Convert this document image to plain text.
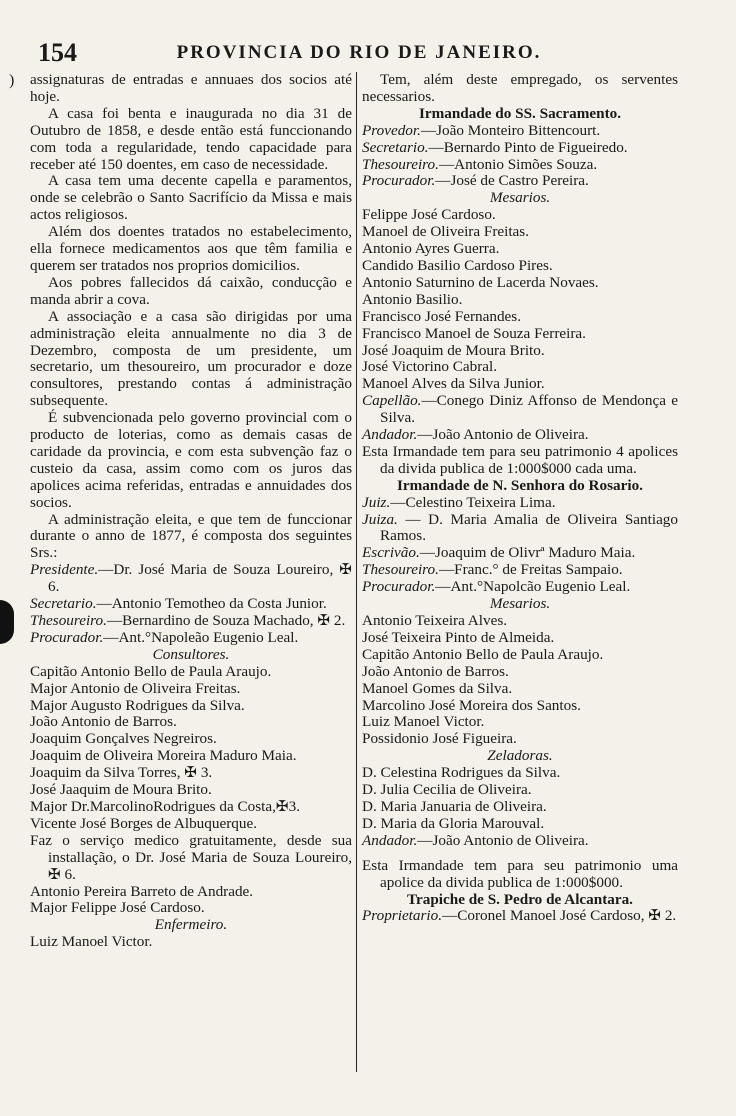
154	PROVINCIA DO RIO DE JANEIRO.
) assignaturas de entradas e annuaes dos socios até hoje.

A casa foi benta e inaugurada no dia 31 de Outubro de 1858, e desde então está funccionando com toda a regularidade, tendo capacidade para receber até 150 doentes, em caso de necessidade.

A casa tem uma decente capella e paramentos, onde se celebrão o Santo Sacrifício da Missa e mais actos religiosos.

Além dos doentes tratados no estabelecimento, ella fornece medicamentos aos que têm familia e querem ser tratados nos proprios domicilios.

Aos pobres fallecidos dá caixão, conducção e manda abrir a cova.

A associação e a casa são dirigidas por uma administração eleita annualmente no dia 3 de Dezembro, composta de um presidente, um secretario, um thesoureiro, um procurador e doze consultores, prestando contas á administração subsequente.

É subvencionada pelo governo provincial com o producto de loterias, como as demais casas de caridade da provincia, e com esta subvenção faz o custeio da casa, assim como com os juros das apolices acima referidas, entradas e annuidades dos socios.

A administração eleita, e que tem de funccionar durante o anno de 1877, é composta dos seguintes Srs.:

Presidente.—Dr. José Maria de Souza Loureiro, ✠ 6.

Secretario.—Antonio Temotheo da Costa Junior.

Thesoureiro.—Bernardino de Souza Machado, ✠ 2.

Procurador.—Ant.°Napoleão Eugenio Leal.

Consultores.

Capitão Antonio Bello de Paula Araujo.

Major Antonio de Oliveira Freitas.

Major Augusto Rodrigues da Silva.

João Antonio de Barros.

Joaquim Gonçalves Negreiros.

Joaquim de Oliveira Moreira Maduro Maia.

Joaquim da Silva Torres, ✠ 3.

José Jaaquim de Moura Brito.

Major Dr.MarcolinoRodrigues da Costa,✠3.

Vicente José Borges de Albuquerque.

Faz o serviço medico gratuitamente, desde sua installação, o Dr. José Maria de Souza Loureiro, ✠ 6.

Antonio Pereira Barreto de Andrade.

Major Felippe José Cardoso.

Enfermeiro.

Luiz Manoel Victor.

Tem, além deste empregado, os serventes necessarios.

Irmandade do SS. Sacramento.

Provedor.—João Monteiro Bittencourt.

Secretario.—Bernardo Pinto de Figueiredo.

Thesoureiro.—Antonio Simões Souza.

Procurador.—José de Castro Pereira.

Mesarios.

Felippe José Cardoso.

Manoel de Oliveira Freitas.

Antonio Ayres Guerra.

Candido Basilio Cardoso Pires.

Antonio Saturnino de Lacerda Novaes.

Antonio Basilio.

Francisco José Fernandes.

Francisco Manoel de Souza Ferreira.

José Joaquim de Moura Brito.

José Victorino Cabral.

Manoel Alves da Silva Junior.

Capellão.—Conego Diniz Affonso de Mendonça e Silva.

Andador.—João Antonio de Oliveira.

Esta Irmandade tem para seu patrimonio 4 apolices da divida publica de 1:000$000 cada uma.

Irmandade de N. Senhora do Rosario.

Juiz.—Celestino Teixeira Lima.

Juiza. — D. Maria Amalia de Oliveira Santiago Ramos.

Escrivão.—Joaquim de Olivrª Maduro Maia.

Thesoureiro.—Franc.° de Freitas Sampaio.

Procurador.—Ant.°Napolcão Eugenio Leal.

Mesarios.

Antonio Teixeira Alves.

José Teixeira Pinto de Almeida.

Capitão Antonio Bello de Paula Araujo.

João Antonio de Barros.

Manoel Gomes da Silva.

Marcolino José Moreira dos Santos.

Luiz Manoel Victor.

Possidonio José Figueira.

Zeladoras.

D. Celestina Rodrigues da Silva.

D. Julia Cecilia de Oliveira.

D. Maria Januaria de Oliveira.

D. Maria da Gloria Marouval.

Andador.—João Antonio de Oliveira.

Esta Irmandade tem para seu patrimonio uma apolice da divida publica de 1:000$000.

Trapiche de S. Pedro de Alcantara.

Proprietario.—Coronel Manoel José Cardoso, ✠ 2.
